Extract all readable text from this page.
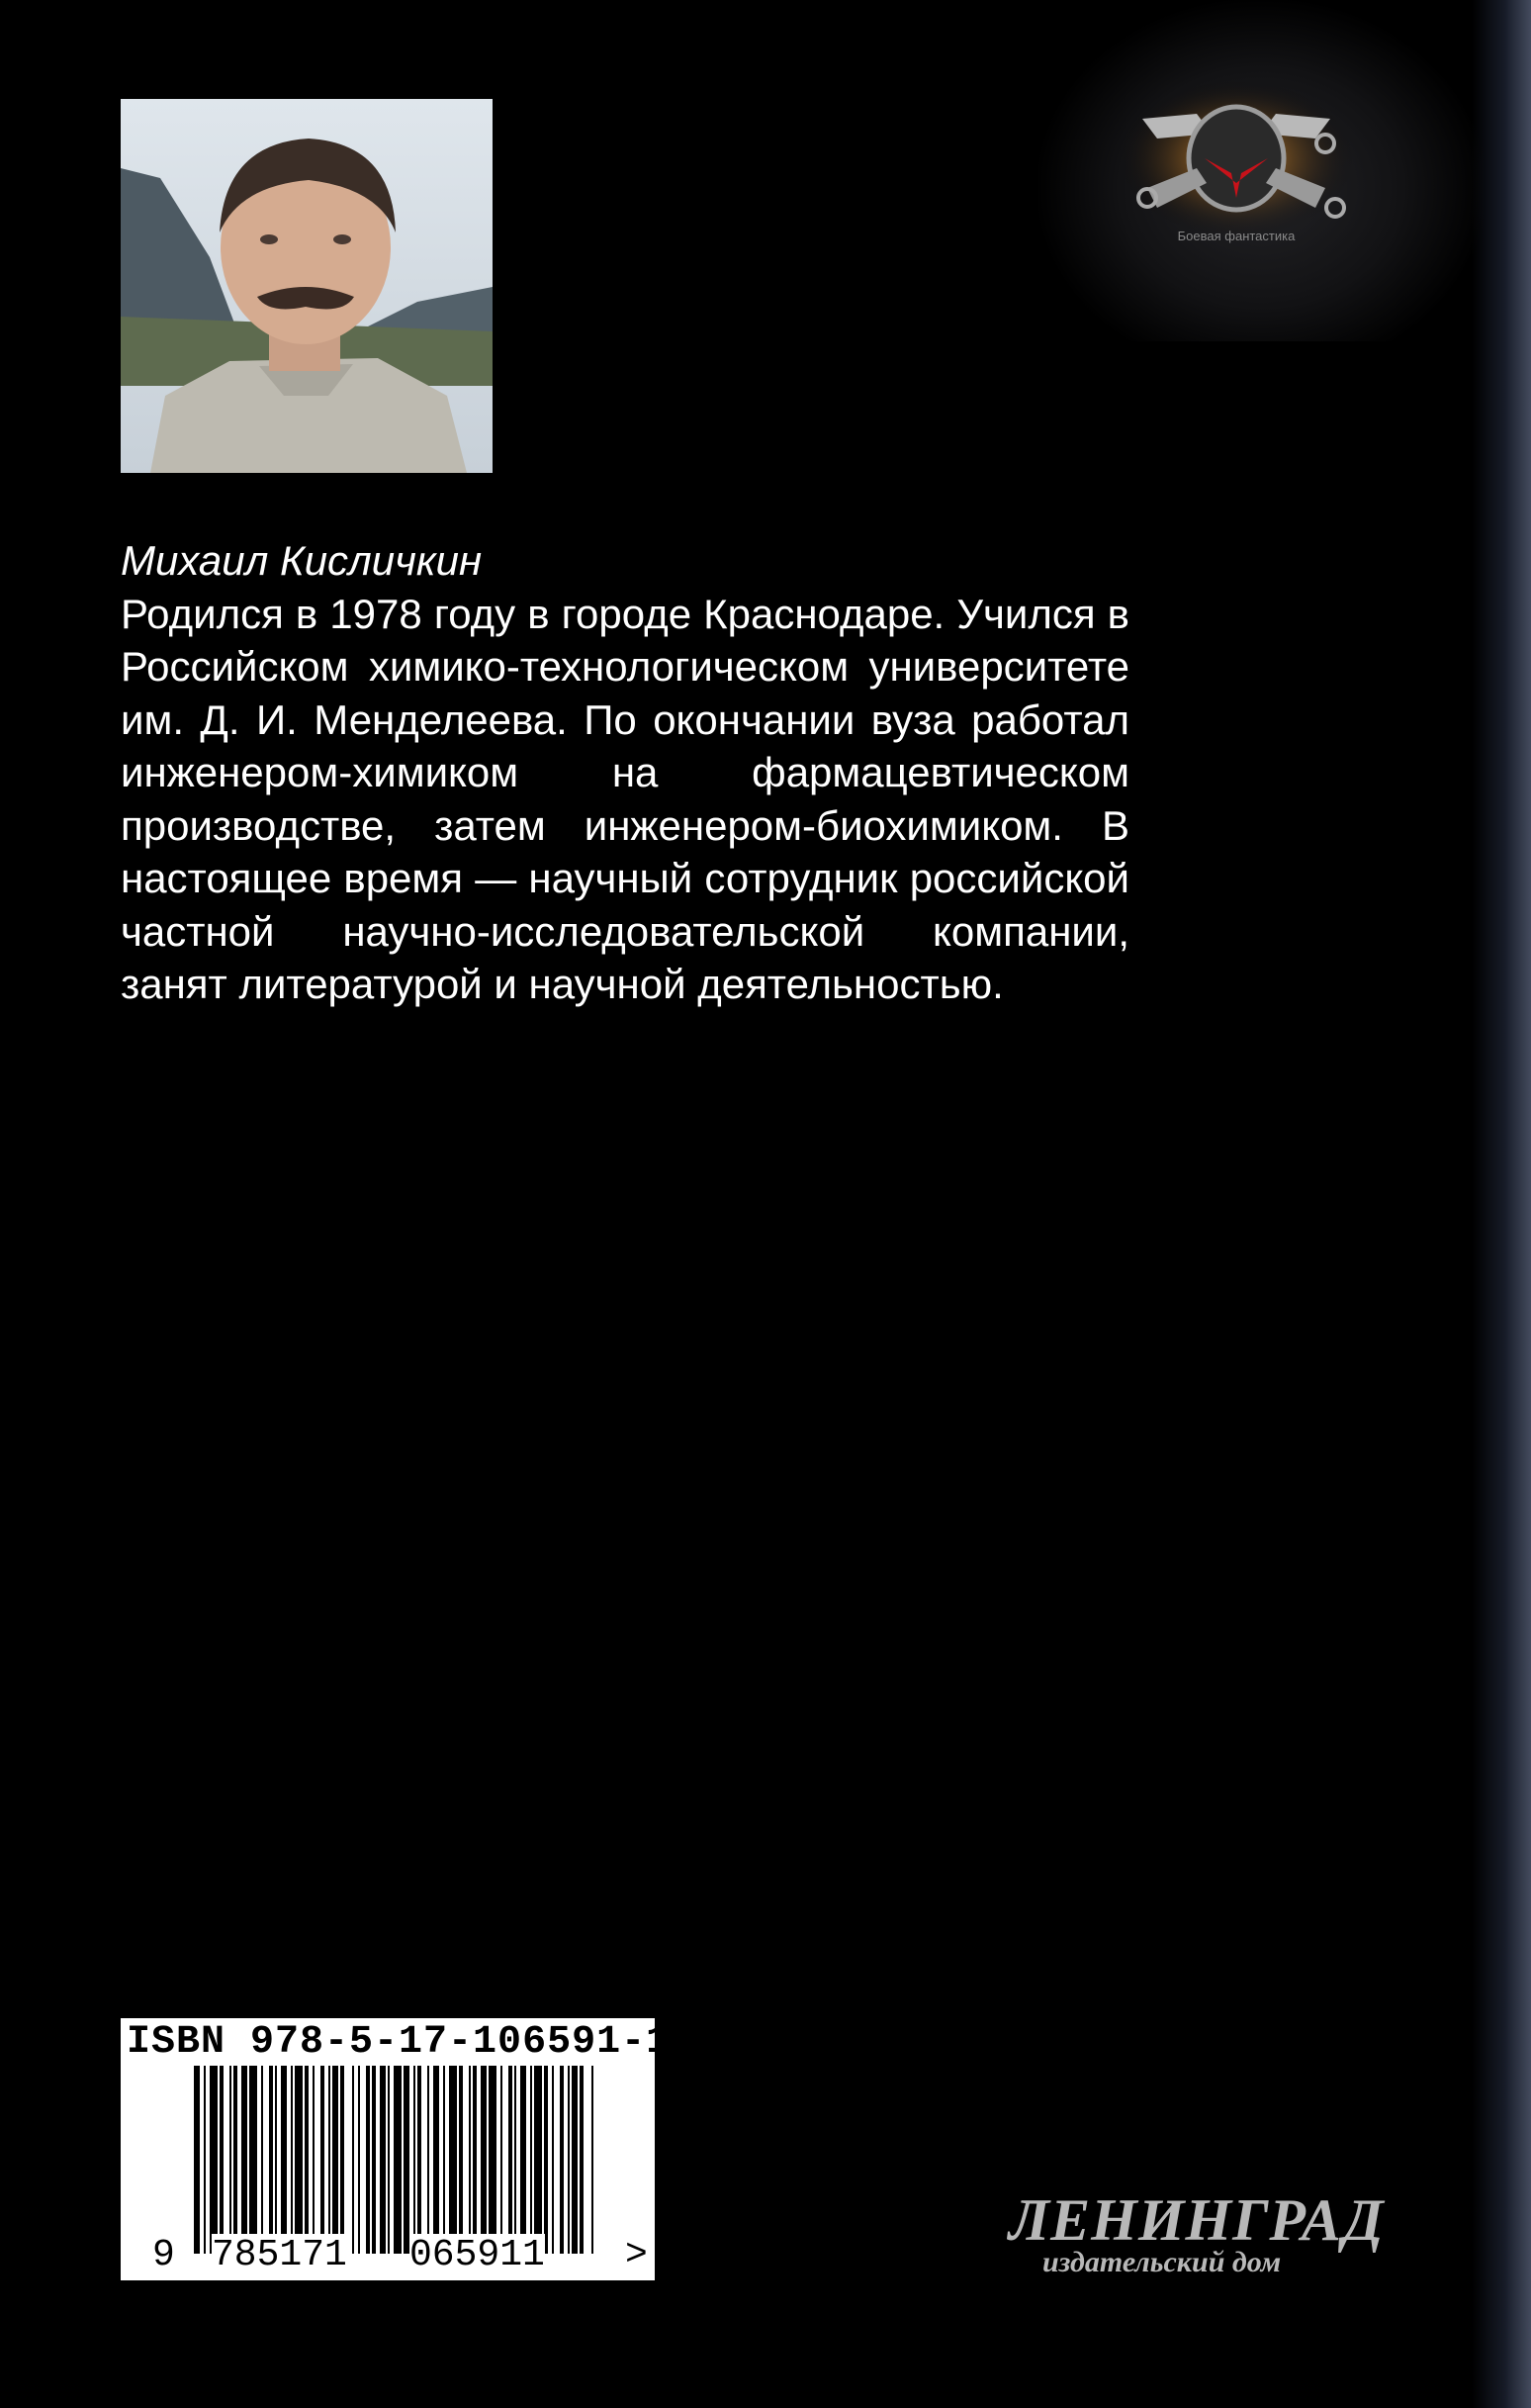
Боевая фантастика
Михаил Кисличкин
Родился в 1978 году в городе Краснодаре. Учился в Российском химико-технологическом университете им. Д. И. Менделеева. По окончании вуза работал инженером-химиком на фармацевтическом производстве, затем инженером-биохимиком. В настоящее время — научный сотрудник российской частной научно-исследовательской компании, занят литературой и научной деятельностью.
ISBN 978-5-17-106591-1
9 785171 065911 >
ЛЕНИНГРАД
издательский дом
